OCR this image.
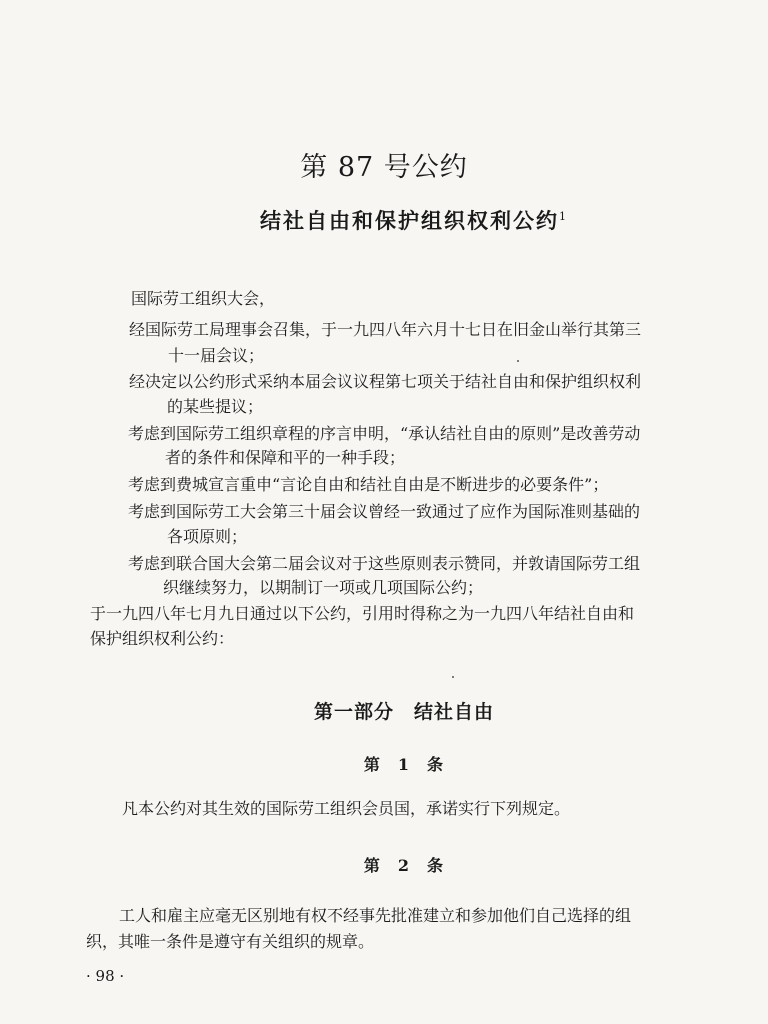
第 87 号公约
结社自由和保护组织权利公约$^1$
国际劳工组织大会，
经国际劳工局理事会召集，于一九四八年六月十七日在旧金山举行其第三
十一届会议；
经决定以公约形式采纳本届会议议程第七项关于结社自由和保护组织权利
的某些提议；
考虑到国际劳工组织章程的序言申明，“承认结社自由的原则”是改善劳动
者的条件和保障和平的一种手段；
考虑到费城宣言重申“言论自由和结社自由是不断进步的必要条件”；
考虑到国际劳工大会第三十届会议曾经一致通过了应作为国际准则基础的
各项原则；
考虑到联合国大会第二届会议对于这些原则表示赞同，并敦请国际劳工组
织继续努力，以期制订一项或几项国际公约；
于一九四八年七月九日通过以下公约，引用时得称之为一九四八年结社自由和
保护组织权利公约：
第一部分　结社自由
第　1　条
凡本公约对其生效的国际劳工组织会员国，承诺实行下列规定。
第　2　条
工人和雇主应毫无区别地有权不经事先批准建立和参加他们自己选择的组
织，其唯一条件是遵守有关组织的规章。
· 98 ·
